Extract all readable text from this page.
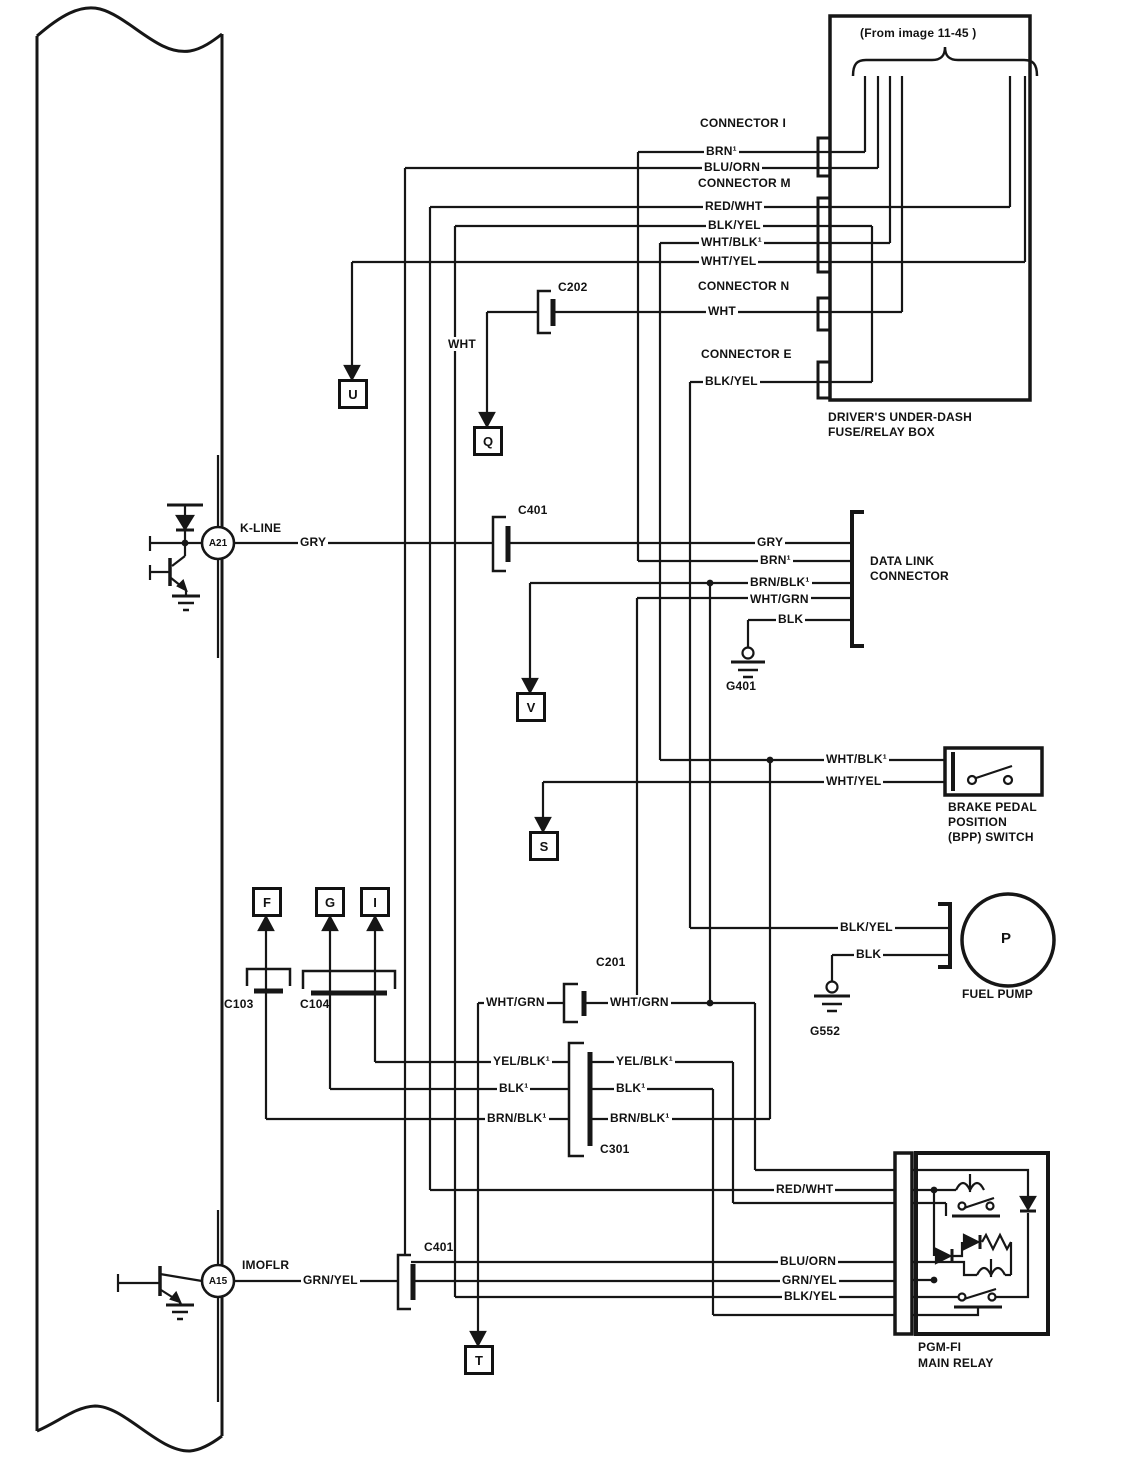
U
Q
V
S
T
F	G	I
A21
A15
K-LINE
IMOFLR
GRY
GRN/YEL
(From image 11-45 )
CONNECTOR I
BRN¹
BLU/ORN
CONNECTOR M
RED/WHT
BLK/YEL
WHT/BLK¹
WHT/YEL
CONNECTOR N
WHT
CONNECTOR E
BLK/YEL
DRIVER'S UNDER-DASH
FUSE/RELAY BOX
C202
WHT
C401
C401
C103	C104
C201
C301
GRY
BRN¹
BRN/BLK¹
WHT/GRN
BLK
DATA LINK
CONNECTOR
G401
WHT/BLK¹
WHT/YEL
BRAKE PEDAL
POSITION
(BPP) SWITCH
BLK/YEL
BLK
P
FUEL PUMP
G552
WHT/GRN	WHT/GRN
YEL/BLK¹
BLK¹
BRN/BLK¹
YEL/BLK¹
BLK¹
BRN/BLK¹
RED/WHT
BLU/ORN
GRN/YEL
BLK/YEL
PGM-FI
MAIN RELAY
